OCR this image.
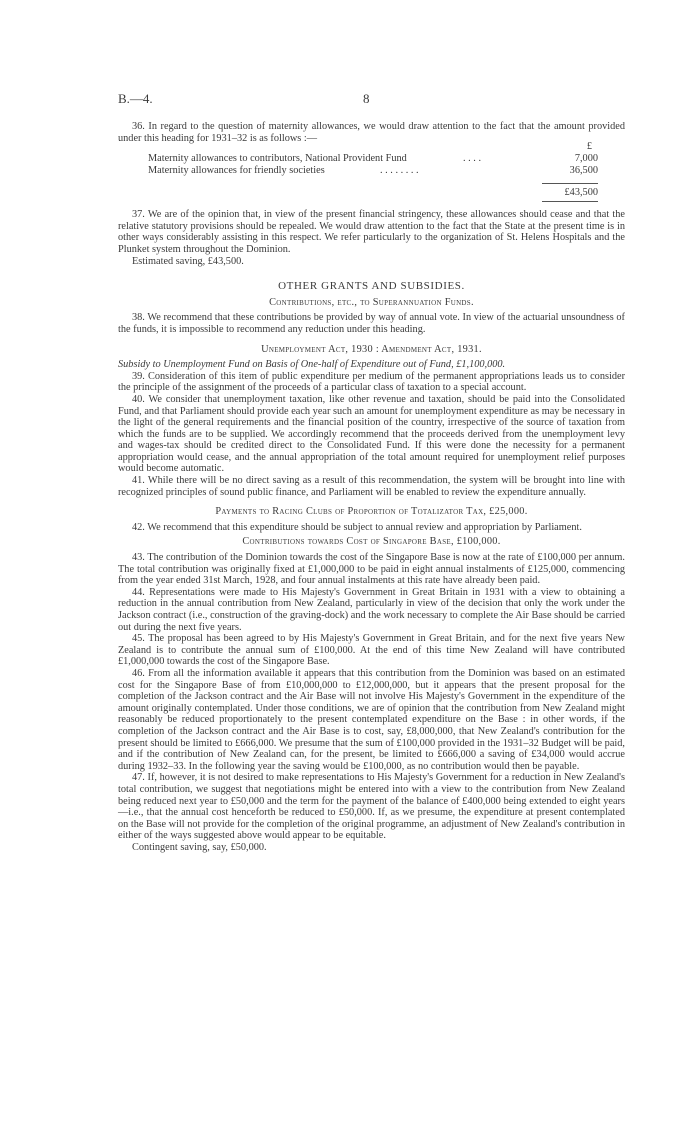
B.—4.	8

36. In regard to the question of maternity allowances, we would draw attention to the fact that the amount provided under this heading for 1931–32 is as follows :—

£
Maternity allowances to contributors, National Provident Fund	. . . .	7,000
Maternity allowances for friendly societies	. . . . . . . .	36,500
£43,500

37. We are of the opinion that, in view of the present financial stringency, these allowances should cease and that the relative statutory provisions should be repealed. We would draw attention to the fact that the State at the present time is in other ways considerably assisting in this respect. We refer particularly to the organization of St. Helens Hospitals and the Plunket system throughout the Dominion.

Estimated saving, £43,500.

OTHER GRANTS AND SUBSIDIES.
Contributions, etc., to Superannuation Funds.

38. We recommend that these contributions be provided by way of annual vote. In view of the actuarial unsoundness of the funds, it is impossible to recommend any reduction under this heading.

Unemployment Act, 1930 : Amendment Act, 1931.

Subsidy to Unemployment Fund on Basis of One-half of Expenditure out of Fund, £1,100,000.

39. Consideration of this item of public expenditure per medium of the permanent appropriations leads us to consider the principle of the assignment of the proceeds of a particular class of taxation to a special account.

40. We consider that unemployment taxation, like other revenue and taxation, should be paid into the Consolidated Fund, and that Parliament should provide each year such an amount for unemployment expenditure as may be necessary in the light of the general requirements and the financial position of the country, irrespective of the source of taxation from which the funds are to be supplied. We accordingly recommend that the proceeds derived from the unemployment levy and wages-tax should be credited direct to the Consolidated Fund. If this were done the necessity for a permanent appropriation would cease, and the annual appropriation of the total amount required for unemployment relief purposes would become automatic.

41. While there will be no direct saving as a result of this recommendation, the system will be brought into line with recognized principles of sound public finance, and Parliament will be enabled to review the expenditure annually.

Payments to Racing Clubs of Proportion of Totalizator Tax, £25,000.

42. We recommend that this expenditure should be subject to annual review and appropriation by Parliament.

Contributions towards Cost of Singapore Base, £100,000.

43. The contribution of the Dominion towards the cost of the Singapore Base is now at the rate of £100,000 per annum. The total contribution was originally fixed at £1,000,000 to be paid in eight annual instalments of £125,000, commencing from the year ended 31st March, 1928, and four annual instalments at this rate have already been paid.

44. Representations were made to His Majesty's Government in Great Britain in 1931 with a view to obtaining a reduction in the annual contribution from New Zealand, particularly in view of the decision that only the work under the Jackson contract (i.e., construction of the graving-dock) and the work necessary to complete the Air Base should be carried out during the next five years.

45. The proposal has been agreed to by His Majesty's Government in Great Britain, and for the next five years New Zealand is to contribute the annual sum of £100,000. At the end of this time New Zealand will have contributed £1,000,000 towards the cost of the Singapore Base.

46. From all the information available it appears that this contribution from the Dominion was based on an estimated cost for the Singapore Base of from £10,000,000 to £12,000,000, but it appears that the present proposal for the completion of the Jackson contract and the Air Base will not involve His Majesty's Government in the expenditure of the amount originally contemplated. Under those conditions, we are of opinion that the contribution from New Zealand might reasonably be reduced proportionately to the present contemplated expenditure on the Base : in other words, if the completion of the Jackson contract and the Air Base is to cost, say, £8,000,000, that New Zealand's contribution for the present should be limited to £666,000. We presume that the sum of £100,000 provided in the 1931–32 Budget will be paid, and if the contribution of New Zealand can, for the present, be limited to £666,000 a saving of £34,000 would accrue during 1932–33. In the following year the saving would be £100,000, as no contribution would then be payable.

47. If, however, it is not desired to make representations to His Majesty's Government for a reduction in New Zealand's total contribution, we suggest that negotiations might be entered into with a view to the contribution from New Zealand being reduced next year to £50,000 and the term for the payment of the balance of £400,000 being extended to eight years—i.e., that the annual cost henceforth be reduced to £50,000. If, as we presume, the expenditure at present contemplated on the Base will not provide for the completion of the original programme, an adjustment of New Zealand's contribution in either of the ways suggested above would appear to be equitable.

Contingent saving, say, £50,000.
